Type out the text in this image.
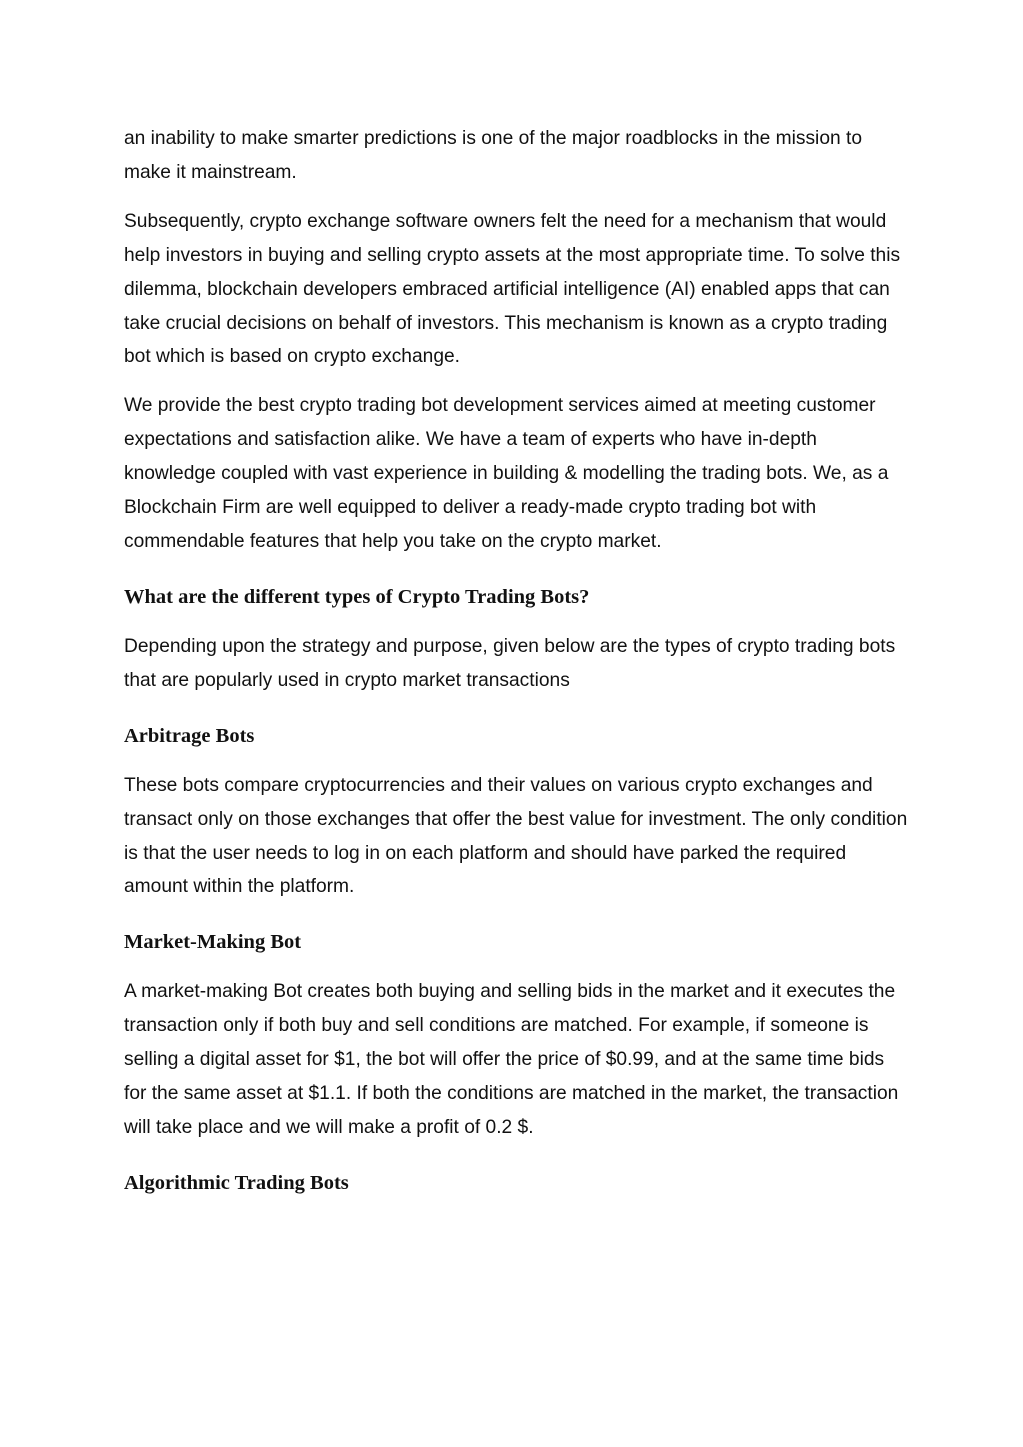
an inability to make smarter predictions is one of the major roadblocks in the mission to make it mainstream.

Subsequently, crypto exchange software owners felt the need for a mechanism that would help investors in buying and selling crypto assets at the most appropriate time. To solve this dilemma, blockchain developers embraced artificial intelligence (AI) enabled apps that can take crucial decisions on behalf of investors. This mechanism is known as a crypto trading bot which is based on crypto exchange.

We provide the best crypto trading bot development services aimed at meeting customer expectations and satisfaction alike. We have a team of experts who have in-depth knowledge coupled with vast experience in building & modelling the trading bots. We, as a Blockchain Firm are well equipped to deliver a ready-made crypto trading bot with commendable features that help you take on the crypto market.

What are the different types of Crypto Trading Bots?

Depending upon the strategy and purpose, given below are the types of crypto trading bots that are popularly used in crypto market transactions

Arbitrage Bots

These bots compare cryptocurrencies and their values on various crypto exchanges and transact only on those exchanges that offer the best value for investment. The only condition is that the user needs to log in on each platform and should have parked the required amount within the platform.

Market-Making Bot

A market-making Bot creates both buying and selling bids in the market and it executes the transaction only if both buy and sell conditions are matched. For example, if someone is selling a digital asset for $1, the bot will offer the price of $0.99, and at the same time bids for the same asset at $1.1. If both the conditions are matched in the market, the transaction will take place and we will make a profit of 0.2 $.

Algorithmic Trading Bots
